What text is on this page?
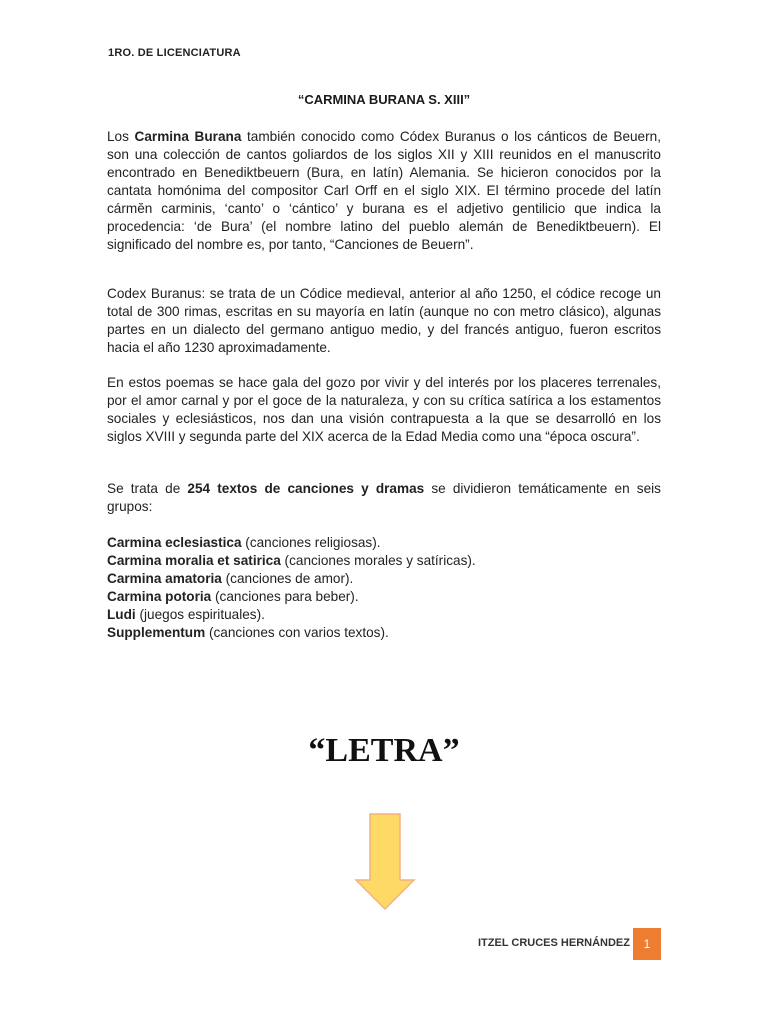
1RO. DE LICENCIATURA
“CARMINA BURANA S. XIII”
Los Carmina Burana también conocido como Códex Buranus o los cánticos de Beuern, son una colección de cantos goliardos de los siglos XII y XIII reunidos en el manuscrito encontrado en Benediktbeuern (Bura, en latín) Alemania. Se hicieron conocidos por la cantata homónima del compositor Carl Orff en el siglo XIX. El término procede del latín cármĕn carminis, ‘canto’ o ‘cántico’ y burana es el adjetivo gentilicio que indica la procedencia: ‘de Bura’ (el nombre latino del pueblo alemán de Benediktbeuern). El significado del nombre es, por tanto, “Canciones de Beuern”.
Codex Buranus: se trata de un Códice medieval, anterior al año 1250, el códice recoge un total de 300 rimas, escritas en su mayoría en latín (aunque no con metro clásico), algunas partes en un dialecto del germano antiguo medio, y del francés antiguo, fueron escritos hacia el año 1230 aproximadamente.
En estos poemas se hace gala del gozo por vivir y del interés por los placeres terrenales, por el amor carnal y por el goce de la naturaleza, y con su crítica satírica a los estamentos sociales y eclesiásticos, nos dan una visión contrapuesta a la que se desarrolló en los siglos XVIII y segunda parte del XIX acerca de la Edad Media como una “época oscura”.
Se trata de 254 textos de canciones y dramas se dividieron temáticamente en seis grupos:
Carmina eclesiastica (canciones religiosas).
Carmina moralia et satirica (canciones morales y satíricas).
Carmina amatoria (canciones de amor).
Carmina potoria (canciones para beber).
Ludi (juegos espirituales).
Supplementum (canciones con varios textos).
“LETRA”
ITZEL CRUCES HERNÁNDEZ	1
